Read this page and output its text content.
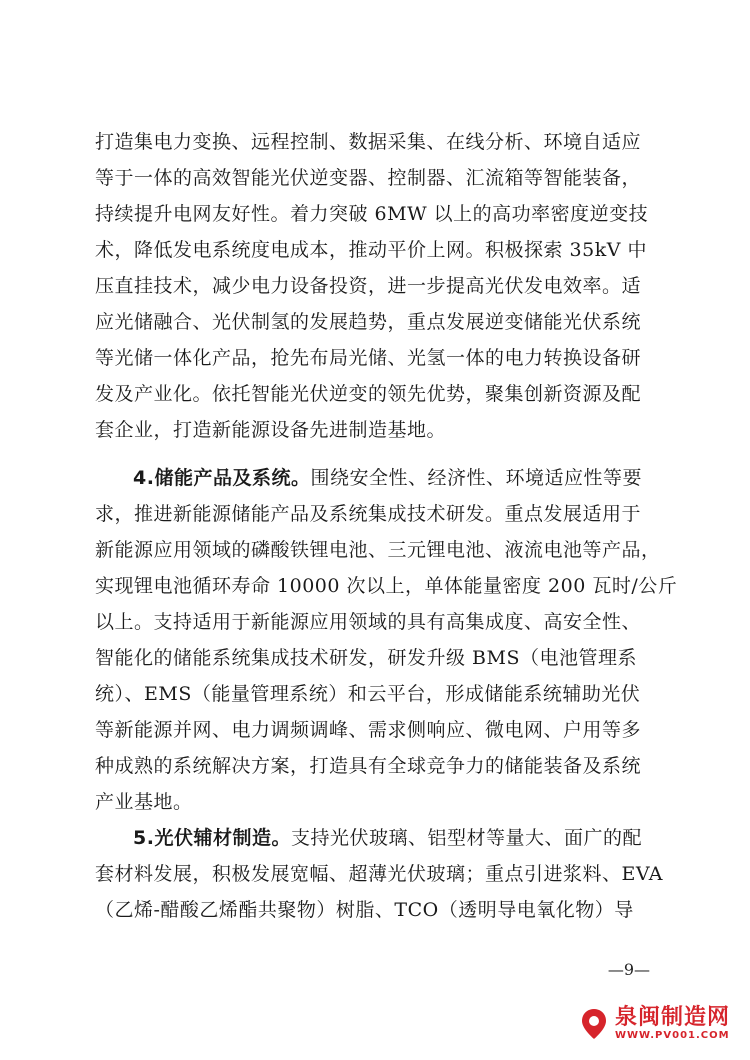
打造集电力变换、远程控制、数据采集、在线分析、环境自适应
等于一体的高效智能光伏逆变器、控制器、汇流箱等智能装备，
持续提升电网友好性。着力突破 6MW 以上的高功率密度逆变技
术，降低发电系统度电成本，推动平价上网。积极探索 35kV 中
压直挂技术，减少电力设备投资，进一步提高光伏发电效率。适
应光储融合、光伏制氢的发展趋势，重点发展逆变储能光伏系统
等光储一体化产品，抢先布局光储、光氢一体的电力转换设备研
发及产业化。依托智能光伏逆变的领先优势，聚集创新资源及配
套企业，打造新能源设备先进制造基地。
4.储能产品及系统。围绕安全性、经济性、环境适应性等要
求，推进新能源储能产品及系统集成技术研发。重点发展适用于
新能源应用领域的磷酸铁锂电池、三元锂电池、液流电池等产品，
实现锂电池循环寿命 10000 次以上，单体能量密度 200 瓦时/公斤
以上。支持适用于新能源应用领域的具有高集成度、高安全性、
智能化的储能系统集成技术研发，研发升级 BMS（电池管理系
统）、EMS（能量管理系统）和云平台，形成储能系统辅助光伏
等新能源并网、电力调频调峰、需求侧响应、微电网、户用等多
种成熟的系统解决方案，打造具有全球竞争力的储能装备及系统
产业基地。
5.光伏辅材制造。支持光伏玻璃、铝型材等量大、面广的配
套材料发展，积极发展宽幅、超薄光伏玻璃；重点引进浆料、EVA
（乙烯-醋酸乙烯酯共聚物）树脂、TCO（透明导电氧化物）导
—9—
泉闽制造网
WWW.PV001.COM
